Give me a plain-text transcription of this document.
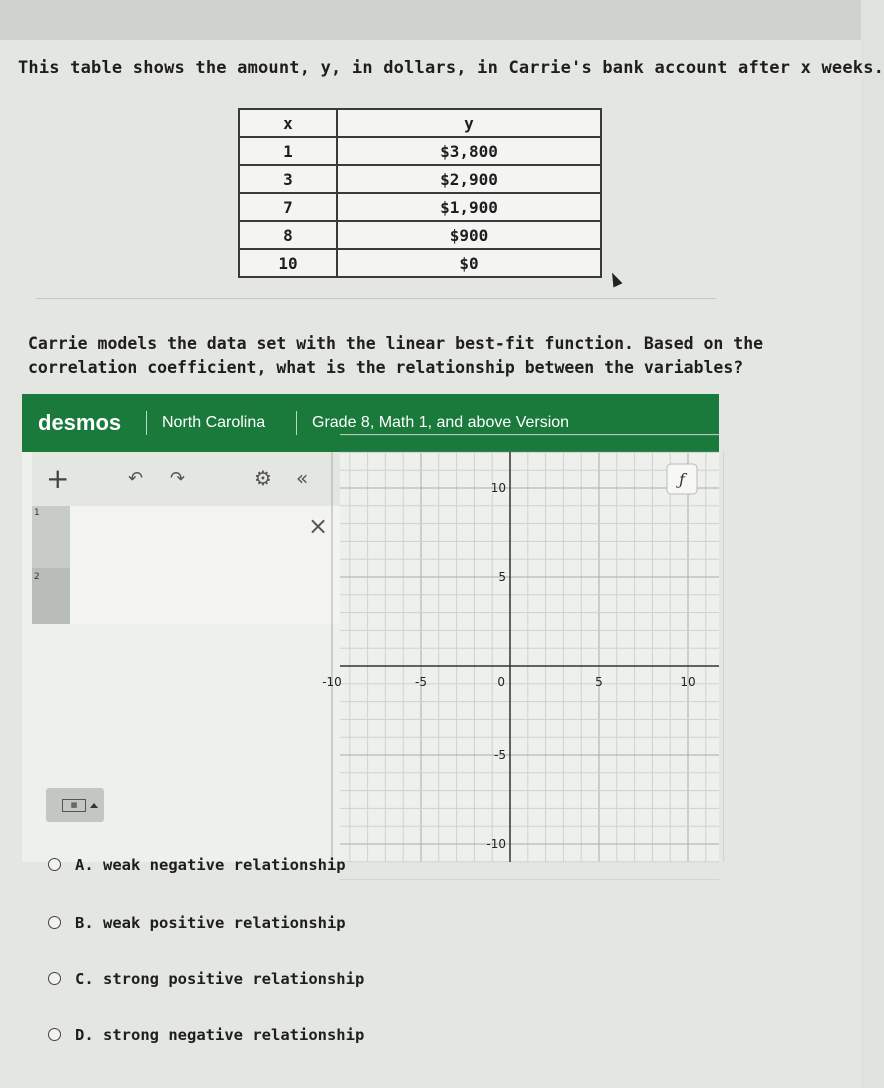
This table shows the amount, y, in dollars, in Carrie's bank account after x weeks.
x	y
1	$3,800
3	$2,900
7	$1,900
8	$900
10	$0
Carrie models the data set with the linear best-fit function. Based on the correlation coefficient, what is the relationship between the variables?
desmos	North Carolina	Grade 8, Math 1, and above Version
+	↶ ↷	⚙ «
1	×
2
▦
-10	-5	0	5	10
10
5
-5
-10
ƒ
A. weak negative relationship
B. weak positive relationship
C. strong positive relationship
D. strong negative relationship
